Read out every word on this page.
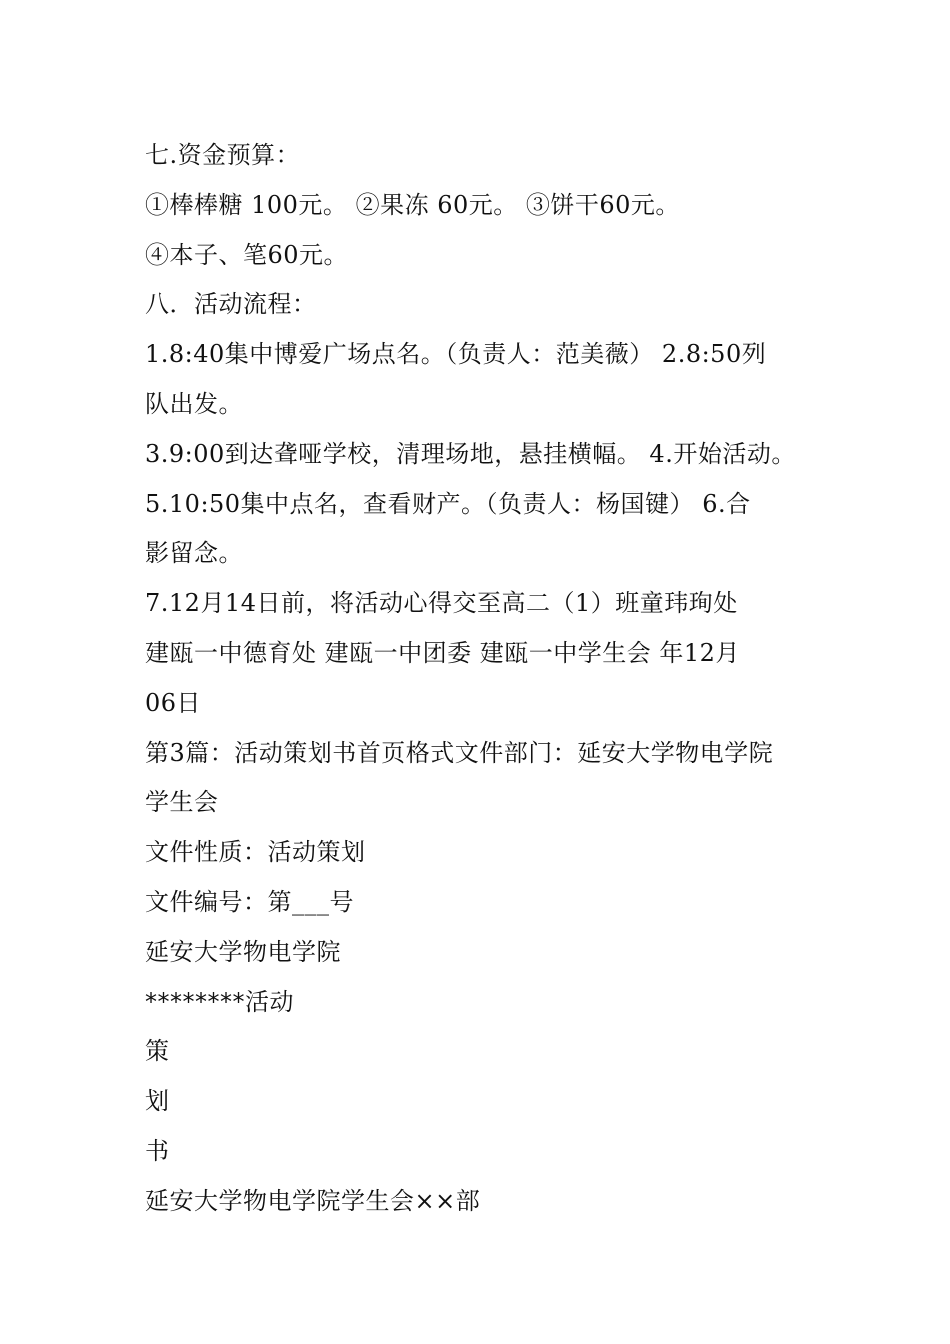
七.资金预算：
①棒棒糖 100元。 ②果冻 60元。 ③饼干60元。
④本子、笔60元。
八．活动流程：
1.8:40集中博爱广场点名。（负责人：范美薇） 2.8:50列
队出发。
3.9:00到达聋哑学校，清理场地，悬挂横幅。 4.开始活动。
5.10:50集中点名，查看财产。（负责人：杨国键） 6.合
影留念。
7.12月14日前，将活动心得交至高二（1）班童玮珣处
建瓯一中德育处 建瓯一中团委 建瓯一中学生会 年12月
06日
第3篇：活动策划书首页格式文件部门：延安大学物电学院
学生会
文件性质：活动策划
文件编号：第___号
延安大学物电学院
********活动
策
划
书
延安大学物电学院学生会××部
